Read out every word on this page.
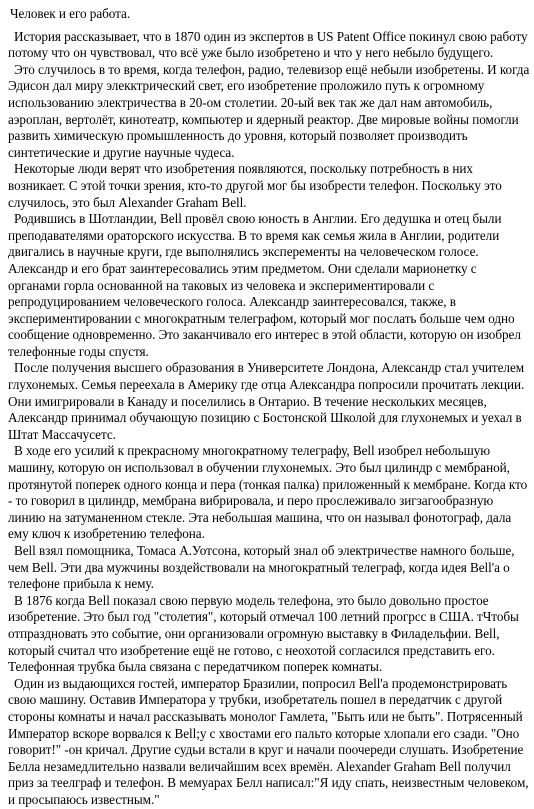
Человек и его работа.
История рассказывает, что в 1870 один из экспертов в US Patent Office покинул свою работу потому что он чувствовал, что всё уже было изобретено и что у него небыло будущего.
Это случилось в то время, когда телефон, радио, телевизор ещё небыли изобретены. И когда Эдисон дал миру элекктрический свет, его изобретение проложило путь к огромному использованию электричества в 20-ом столетии. 20-ый век так же дал нам автомобиль, аэроплан, вертолёт, кинотеатр, компьютер и ядерный реактор. Две мировые войны помогли развить химическую промышленность до уровня, который позволяет производить синтетические и другие научные чудеса.
Некоторые люди верят что изобретения появляются, поскольку потребность в них возникает. С этой точки зрения, кто-то другой мог бы изобрести телефон. Поскольку это случилось, это был Alexander Graham Bell.
Родившись в Шотландии, Bell провёл свою юность в Англии. Его дедушка и отец были преподавателями ораторского искусства. В то время как семья жила в Англии, родители двигались в научные круги, где выполнялись эксперементы на человеческом голосе. Александр и его брат заинтересовались этим предметом. Они сделали марионетку с органами горла основанной на таковых из человека и экспериментировали с репродуцированием человеческого голоса. Александр заинтересовался, также, в экспериментировании с многократным телеграфом, который мог послать больше чем одно сообщение одновременно. Это заканчивало его интерес в этой области, которую он изобрел телефонные годы спустя.
После получения высшего образования в Университете Лондона, Александр стал учителем глухонемых. Семья переехала в Америку где отца Александра попросили прочитать лекции. Они имигрировали в Канаду и поселились в Онтарио. В течение нескольких месяцев, Александр принимал обучающую позицию с Бостонской Школой для глухонемых и уехал в Штат Массачусетс.
В ходе его усилий к прекрасному многократному телеграфу, Bell изобрел небольшую машину, которую он использовал в обучении глухонемых. Это был цилиндр с мембраной, протянутой поперек одного конца и пера (тонкая палка) приложенный к мембране. Когда кто - то говорил в цилиндр, мембрана вибрировала, и перо прослеживало зигзагообразную линию на затуманенном стекле. Эта небольшая машина, что он называл фонотограф, дала ему ключ к изобретению телефона.
Bell взял помощника, Томаса А.Уотсона, который знал об электричестве намного больше, чем Bell. Эти два мужчины воздействовали на многократный телеграф, когда идея Bell'а о телефоне прибыла к нему.
В 1876 когда Bell показал свою первую модель телефона, это было довольно простое изобретение. Это был год "столетия", который отмечал 100 летний прогрсс в США. тЧтобы отпраздновать это событие, они организовали огромную выставку в Филадельфии. Bell, который считал что изобретение ещё не готово, с неохотой согласился представить его. Телефонная трубка была связана с передатчиком поперек комнаты.
Один из выдающихся гостей, император Бразилии, попросил Bell'а продемонстрировать свою машину. Оставив Императора у трубки, изобретатель пошел в передатчик с другой стороны комнаты и начал рассказывать монолог Гамлета, "Быть или не быть". Потрясенный Император вскоре ворвался к Bell;у с хвостами его пальто которые хлопали его сзади. "Оно говорит!" -он кричал. Другие судьи встали в круг и начали поочереди слушать. Изобретение Белла незамедлительно назвали величайшим всех времён. Alexander Graham Bell получил приз за теелграф и телефон. В мемуарах Белл написал:"Я иду спать, неизвестным человеком, и просыпаюсь известным."
